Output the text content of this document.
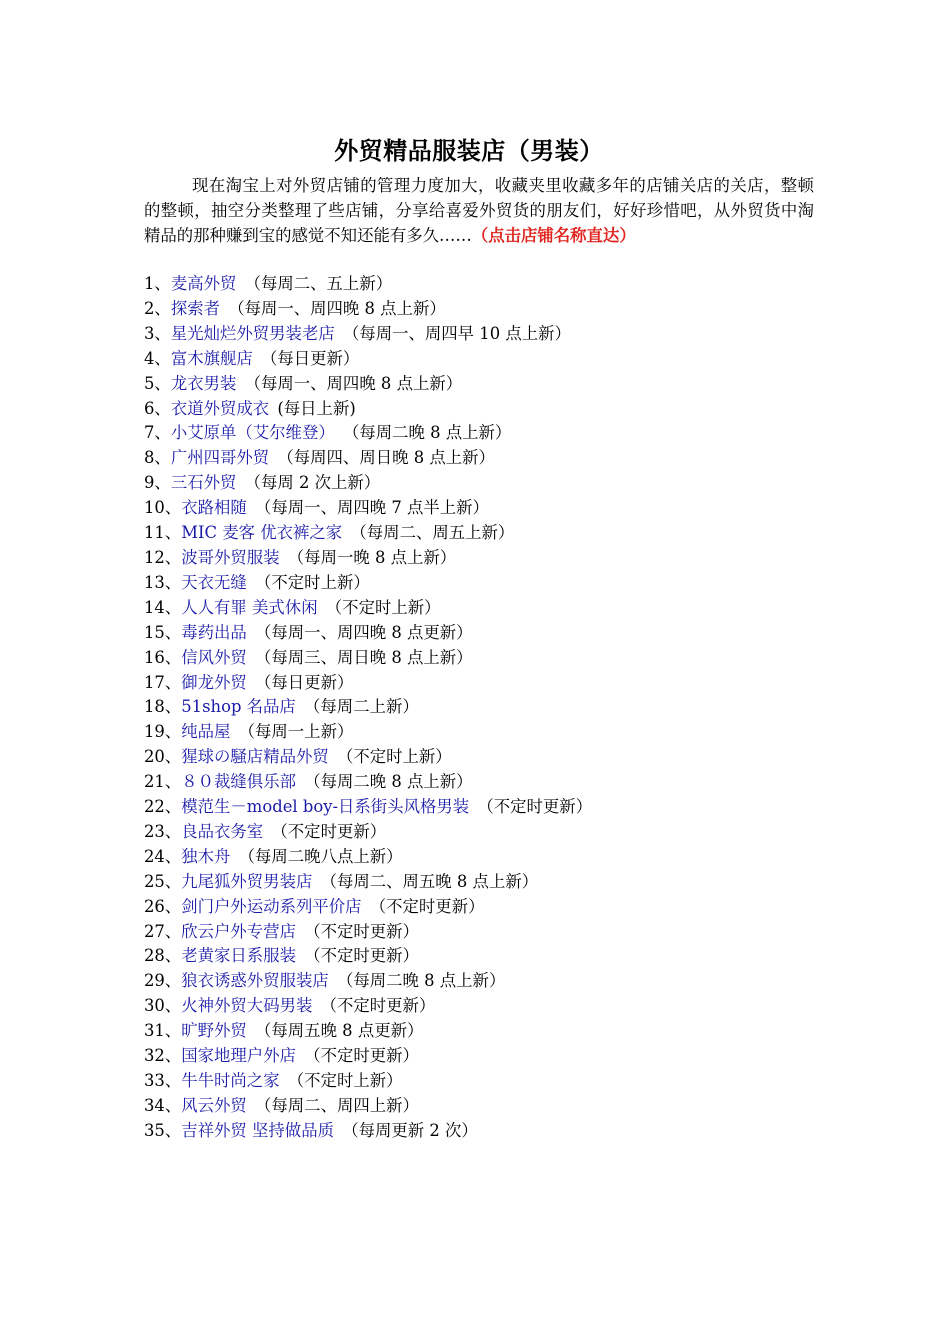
外贸精品服装店（男装）

现在淘宝上对外贸店铺的管理力度加大，收藏夹里收藏多年的店铺关店的关店，整顿的整顿，抽空分类整理了些店铺，分享给喜爱外贸货的朋友们，好好珍惜吧，从外贸货中淘精品的那种赚到宝的感觉不知还能有多久……（点击店铺名称直达）

1、麦高外贸  （每周二、五上新）
2、探索者  （每周一、周四晚 8 点上新）
3、星光灿烂外贸男装老店  （每周一、周四早 10 点上新）
4、富木旗舰店  （每日更新）
5、龙衣男装  （每周一、周四晚 8 点上新）
6、衣道外贸成衣  (每日上新)
7、小艾原单（艾尔维登）  （每周二晚 8 点上新）
8、广州四哥外贸  （每周四、周日晚 8 点上新）
9、三石外贸  （每周 2 次上新）
10、衣路相随  （每周一、周四晚 7 点半上新）
11、MIC 麦客 优衣裤之家  （每周二、周五上新）
12、波哥外贸服装  （每周一晚 8 点上新）
13、天衣无缝  （不定时上新）
14、人人有罪 美式休闲  （不定时上新）
15、毒药出品  （每周一、周四晚 8 点更新）
16、信风外贸  （每周三、周日晚 8 点上新）
17、御龙外贸  （每日更新）
18、51shop 名品店  （每周二上新）
19、纯品屋  （每周一上新）
20、猩球の騒店精品外贸  （不定时上新）
21、８０裁缝俱乐部  （每周二晚 8 点上新）
22、模范生－model boy-日系街头风格男装  （不定时更新）
23、良品衣务室  （不定时更新）
24、独木舟  （每周二晚八点上新）
25、九尾狐外贸男装店  （每周二、周五晚 8 点上新）
26、剑门户外运动系列平价店  （不定时更新）
27、欣云户外专营店  （不定时更新）
28、老黄家日系服装  （不定时更新）
29、狼衣诱惑外贸服装店  （每周二晚 8 点上新）
30、火神外贸大码男装  （不定时更新）
31、旷野外贸  （每周五晚 8 点更新）
32、国家地理户外店  （不定时更新）
33、牛牛时尚之家  （不定时上新）
34、风云外贸  （每周二、周四上新）
35、吉祥外贸 坚持做品质  （每周更新 2 次）
